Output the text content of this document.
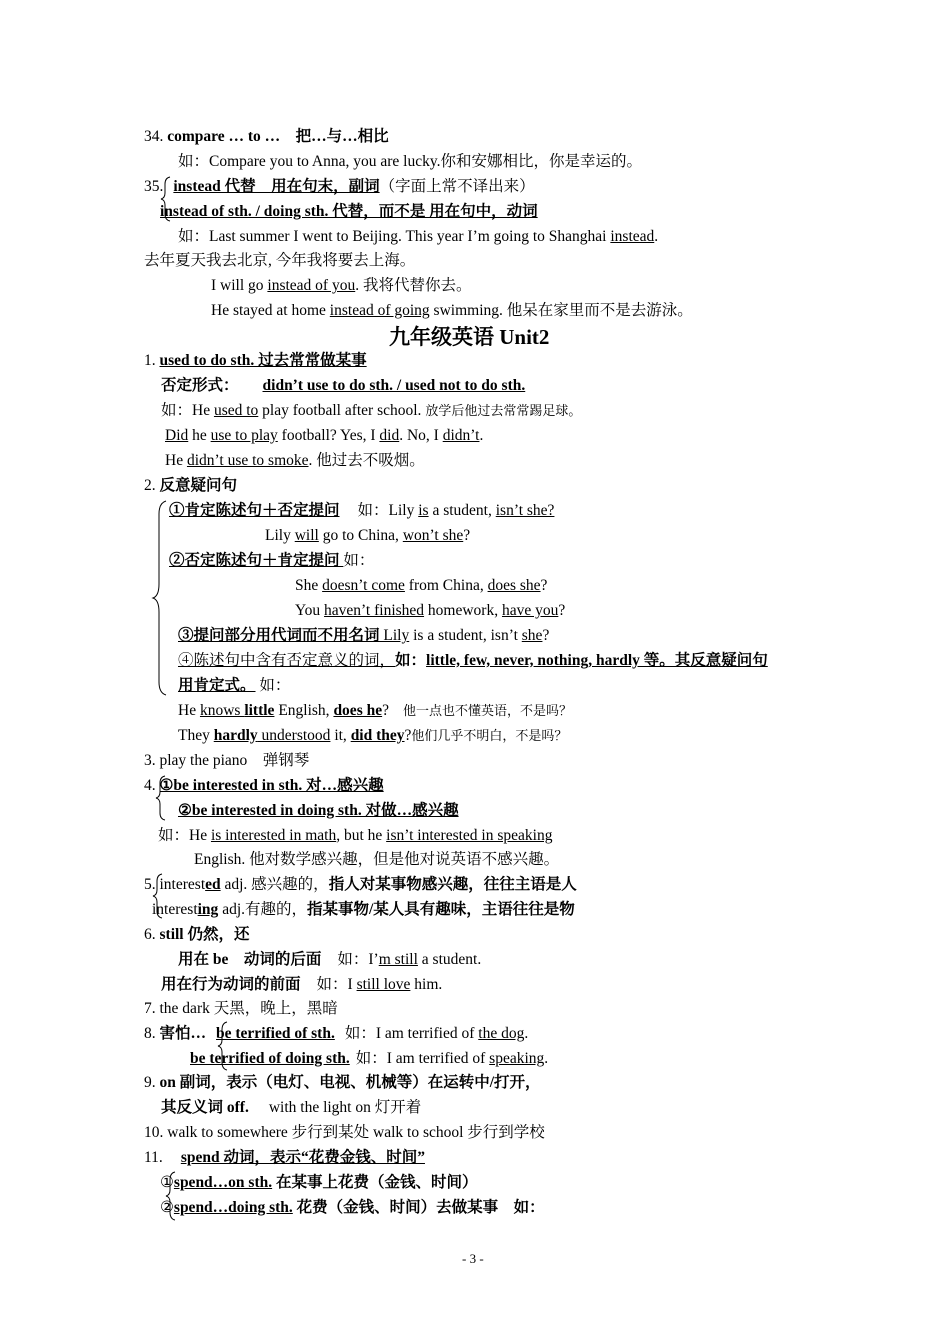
34. compare … to …　把…与…相比
如：Compare you to Anna, you are lucky.你和安娜相比，你是幸运的。
35. instead 代替　用在句末，副词（字面上常不译出来）
instead of sth. / doing sth. 代替，而不是 用在句中，动词
如：Last summer I went to Beijing. This year I’m going to Shanghai instead.
去年夏天我去北京, 今年我将要去上海。
I will go instead of you. 我将代替你去。
He stayed at home instead of going swimming. 他呆在家里而不是去游泳。
九年级英语 Unit2
1. used to do sth. 过去常常做某事
否定形式： didn’t use to do sth. / used not to do sth.
如：He used to play football after school. 放学后他过去常常踢足球。
Did he use to play football? Yes, I did. No, I didn’t.
He didn’t use to smoke. 他过去不吸烟。
2. 反意疑问句
①肯定陈述句＋否定提问 如：Lily is a student, isn’t she?
Lily will go to China, won’t she?
②否定陈述句＋肯定提问 如：
She doesn’t come from China, does she?
You haven’t finished homework, have you?
③提问部分用代词而不用名词 Lily is a student, isn’t she?
④陈述句中含有否定意义的词，如：little, few, never, nothing, hardly 等。其反意疑问句
用肯定式。 如：
He knows little English, does he? 他一点也不懂英语，不是吗？
They hardly understood it, did they?他们几乎不明白，不是吗？
3. play the piano　弹钢琴
4. ①be interested in sth. 对…感兴趣
②be interested in doing sth. 对做…感兴趣
如：He is interested in math, but he isn’t interested in speaking
English. 他对数学感兴趣，但是他对说英语不感兴趣。
5. interested adj. 感兴趣的，指人对某事物感兴趣，往往主语是人
interesting adj.有趣的，指某事物/某人具有趣味，主语往往是物
6. still 仍然，还
用在 be　动词的后面 如：I’m still a student.
用在行为动词的前面 如：I still love him.
7. the dark 天黑，晚上，黑暗
8. 害怕… be terrified of sth. 如：I am terrified of the dog.
be terrified of doing sth. 如：I am terrified of speaking.
9. on 副词，表示（电灯、电视、机械等）在运转中/打开，
其反义词 off. with the light on 灯开着
10. walk to somewhere 步行到某处 walk to school 步行到学校
11. spend 动词，表示“花费金钱、时间”
①spend…on sth. 在某事上花费（金钱、时间）
②spend…doing sth. 花费（金钱、时间）去做某事　如：
- 3 -
